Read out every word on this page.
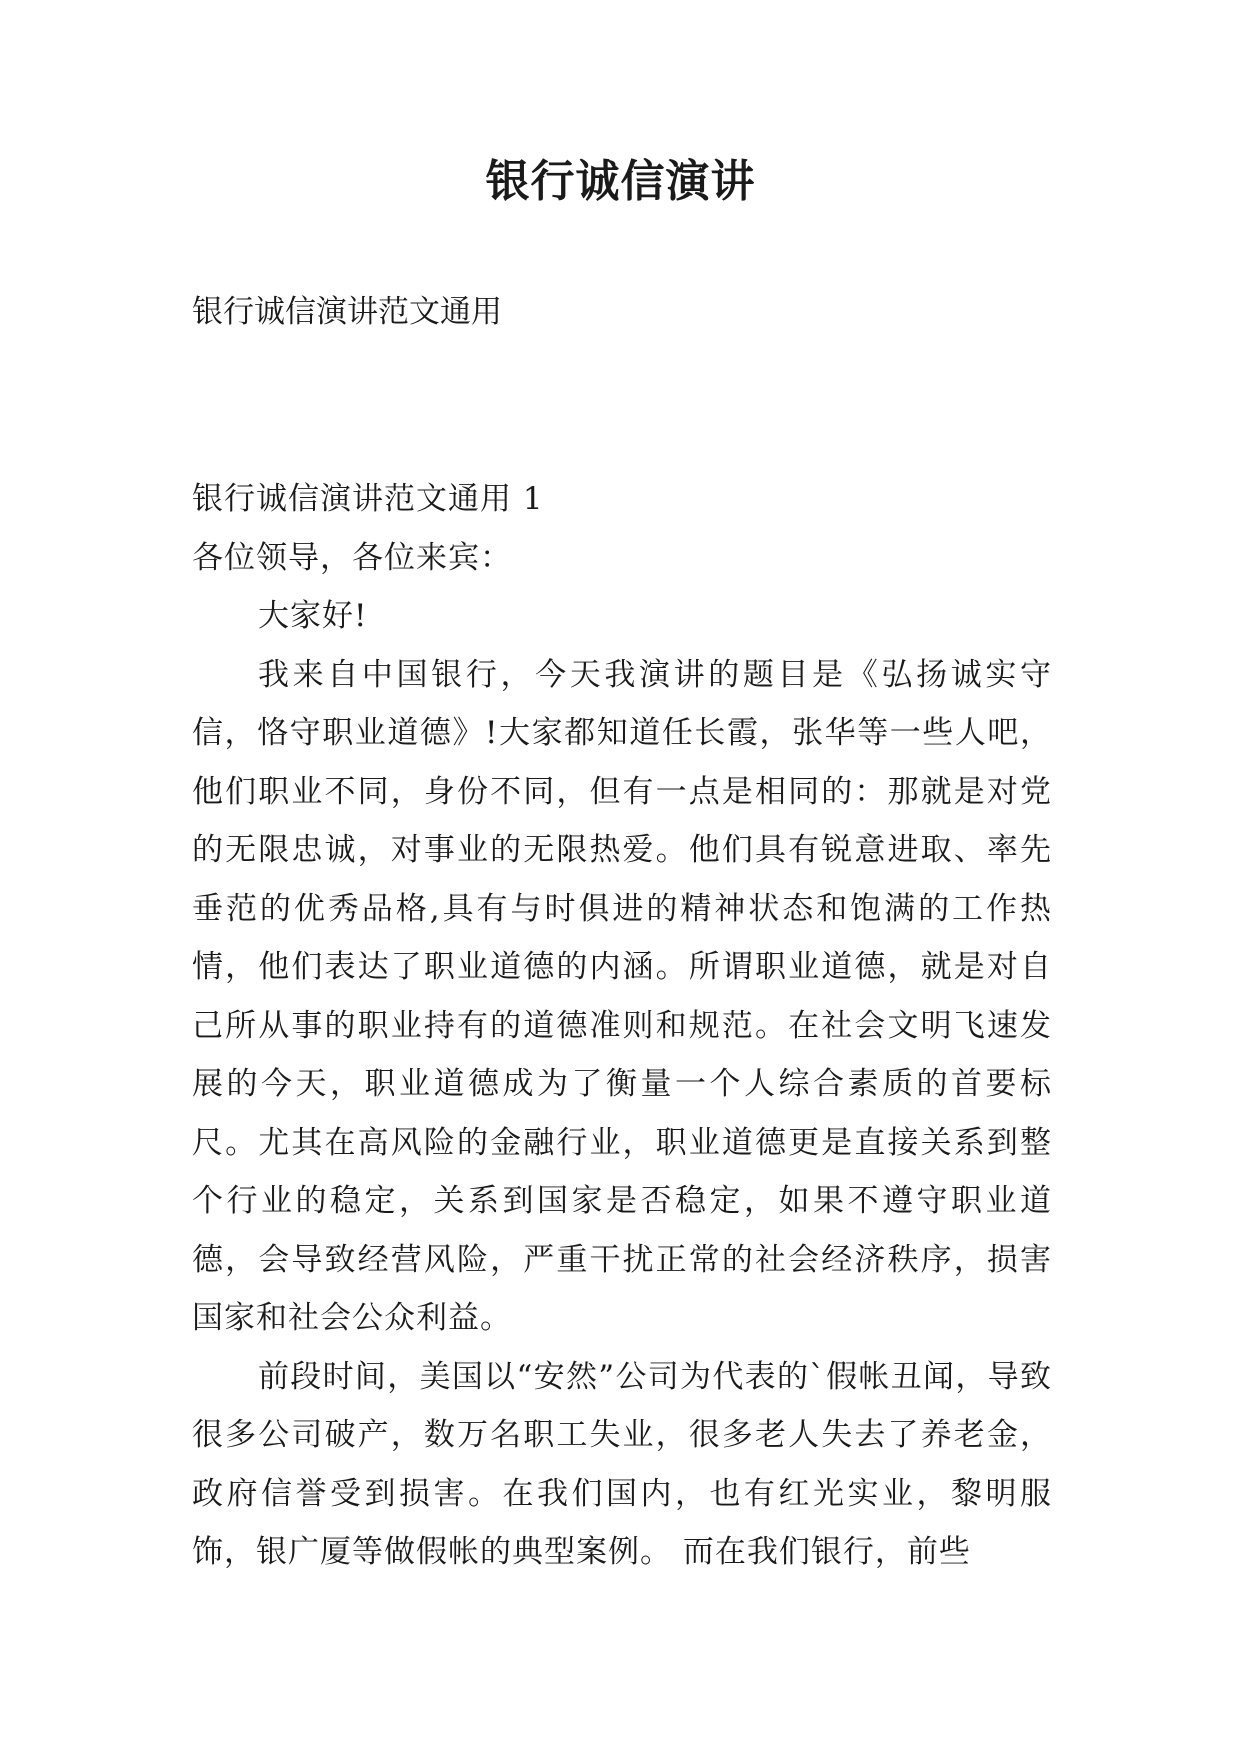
银行诚信演讲

银行诚信演讲范文通用

银行诚信演讲范文通用 1

各位领导，各位来宾：

大家好!

我来自中国银行，今天我演讲的题目是《弘扬诚实守信，恪守职业道德》!大家都知道任长霞，张华等一些人吧，他们职业不同，身份不同，但有一点是相同的：那就是对党的无限忠诚，对事业的无限热爱。他们具有锐意进取、率先垂范的优秀品格,具有与时俱进的精神状态和饱满的工作热情，他们表达了职业道德的内涵。所谓职业道德，就是对自己所从事的职业持有的道德准则和规范。在社会文明飞速发展的今天，职业道德成为了衡量一个人综合素质的首要标尺。尤其在高风险的金融行业，职业道德更是直接关系到整个行业的稳定，关系到国家是否稳定，如果不遵守职业道德，会导致经营风险，严重干扰正常的社会经济秩序，损害国家和社会公众利益。

前段时间，美国以“安然”公司为代表的`假帐丑闻，导致很多公司破产，数万名职工失业，很多老人失去了养老金，政府信誉受到损害。在我们国内，也有红光实业，黎明服饰，银广厦等做假帐的典型案例。 而在我们银行，前些
